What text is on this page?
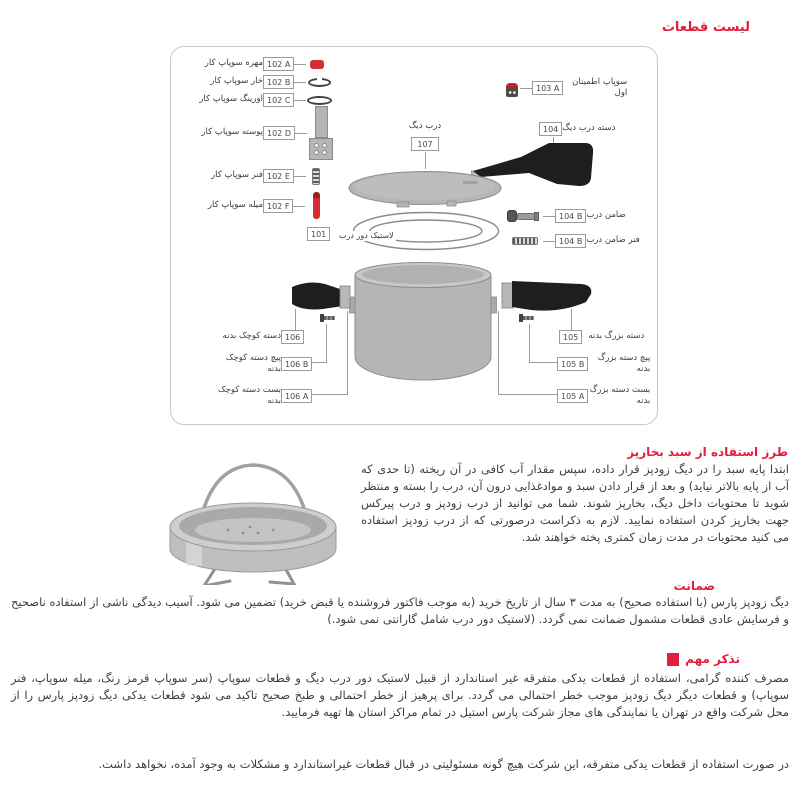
لیست قطعات
مهره سوپاپ کار 102 A
خار سوپاپ کار 102 B
اورینگ سوپاپ کار 102 C
پوسته سوپاپ کار 102 D
فنر سوپاپ کار 102 E
میله سوپاپ کار 102 F
103 A
سوپاپ اطمینان اول
104 دسته درب دیگ
104 B ضامن درب
104 B فنر ضامن درب
درب دیگ
107
101	لاستیک دور درب
دسته کوچک بدنه 106
پیچ دسته کوچک بدنه 106 B
بست دسته کوچک بدنه 106 A
105	دسته بزرگ بدنه
105 B
پیچ دسته بزرگ بدنه
105 A
بست دسته بزرگ بدنه
طرز استفاده از سبد بخارپز
ابتدا پایه سبد را در دیگ زودپز قرار داده، سپس مقدار آب کافی در آن ریخته (تا حدی که آب از پایه بالاتر نیاید) و بعد از قرار دادن سبد و موادغذایی درون آن، درب را بسته و منتظر شوید تا محتویات داخل دیگ، بخارپز شوند. شما می توانید از درب زودپز و درب پیرکس جهت بخارپز کردن استفاده نمایید. لازم به ذکراست درصورتی که از درب زودپز استفاده می کنید محتویات در مدت زمان کمتری پخته خواهند شد.
ضمانت
دیگ زودپز پارس (با استفاده صحیح) به مدت ۳ سال از تاریخ خرید (به موجب فاکتور فروشنده یا قبض خرید) تضمین می شود. آسیب دیدگی ناشی از استفاده ناصحیح و فرسایش عادی قطعات مشمول ضمانت نمی گردد. (لاستیک دور درب شامل گارانتی نمی شود.)
تذکر مهم
مصرف کننده گرامی، استفاده از قطعات یدکی متفرقه غیر استاندارد از قبیل لاستیک دور درب دیگ و قطعات سوپاپ (سر سوپاپ قرمز رنگ، میله سوپاپ، فنر سوپاپ) و قطعات دیگر دیگ زودپز موجب خطر احتمالی می گردد. برای پرهیز از خطر احتمالی و طبخ صحیح تاکید می شود قطعات یدکی دیگ زودپز پارس را از محل شرکت واقع در تهران یا نمایندگی های مجاز شرکت پارس استیل در تمام مراکز استان ها تهیه فرمایید.
در صورت استفاده از قطعات یدکی متفرقه، این شرکت هیچ گونه مسئولیتی در قبال قطعات غیراستاندارد و مشکلات به وجود آمده، نخواهد داشت.
